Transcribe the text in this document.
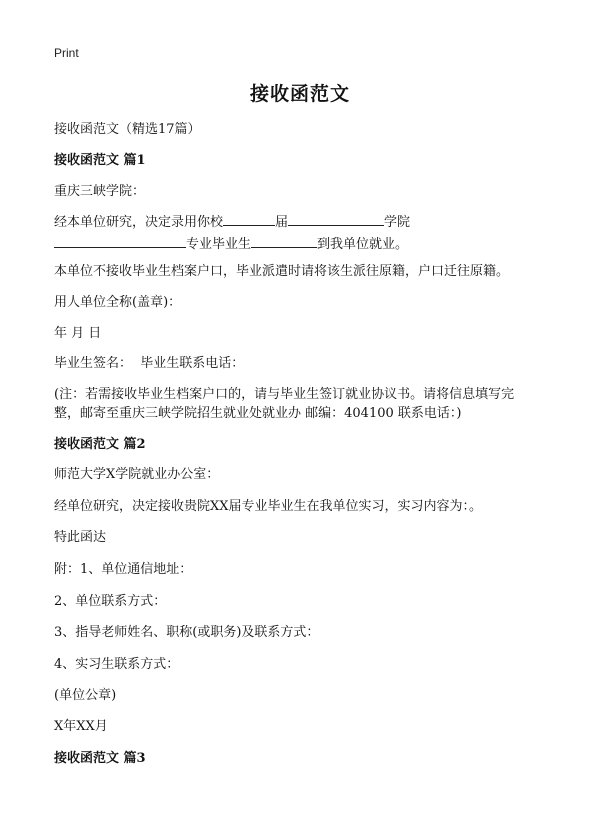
Print
接收函范文

接收函范文（精选17篇）

接收函范文 篇1

重庆三峡学院：

经本单位研究，决定录用你校	届	学院

专业毕业生	到我单位就业。

本单位不接收毕业生档案户口，毕业派遣时请将该生派往原籍，户口迁往原籍。

用人单位全称(盖章)：

年 月 日

毕业生签名：  毕业生联系电话：

(注：若需接收毕业生档案户口的，请与毕业生签订就业协议书。请将信息填写完

整，邮寄至重庆三峡学院招生就业处就业办 邮编：404100 联系电话：)

接收函范文 篇2

师范大学X学院就业办公室：

经单位研究，决定接收贵院XX届专业毕业生在我单位实习，实习内容为：。

特此函达

附：1、单位通信地址：

2、单位联系方式：

3、指导老师姓名、职称(或职务)及联系方式：

4、实习生联系方式：

(单位公章)

X年XX月

接收函范文 篇3
